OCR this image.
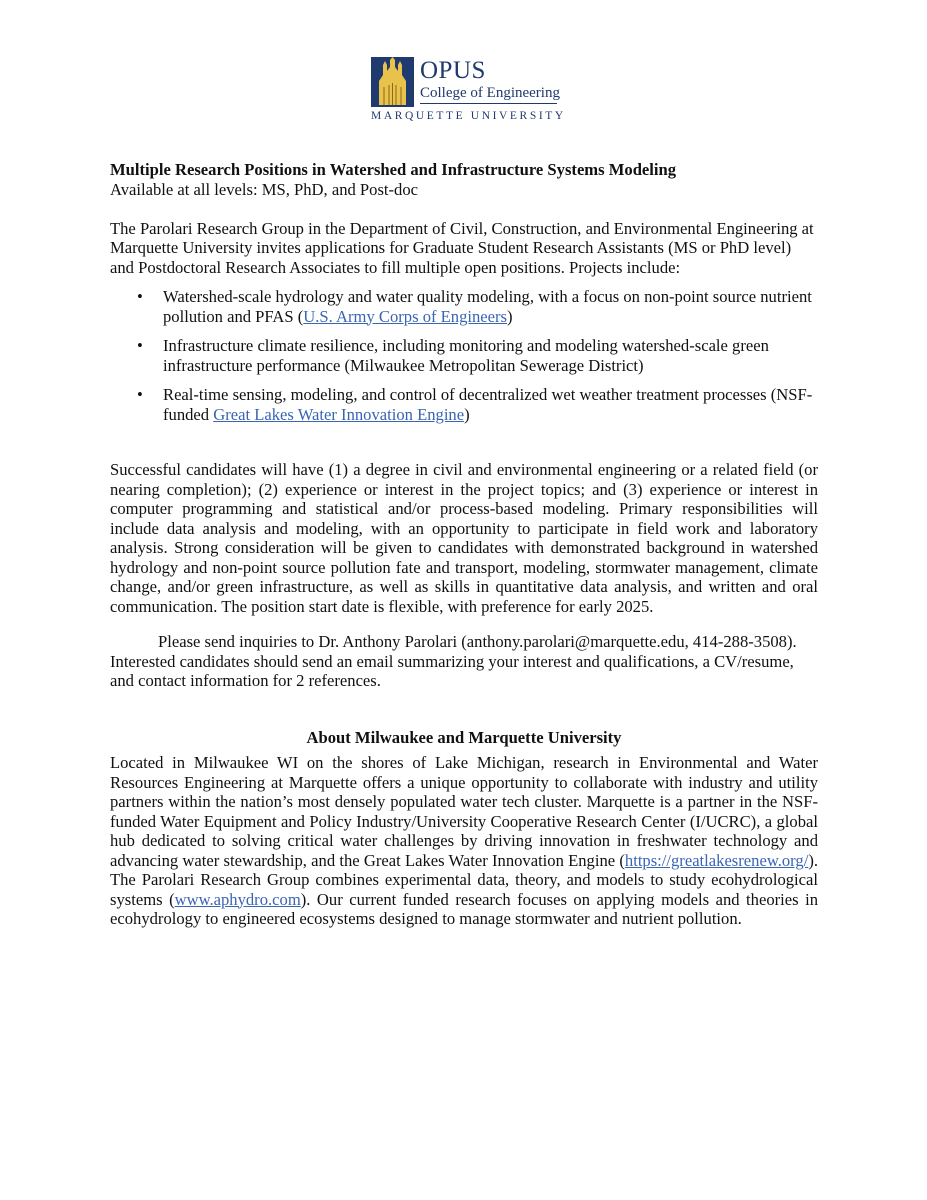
OPUS
College of Engineering
MARQUETTE UNIVERSITY

Multiple Research Positions in Watershed and Infrastructure Systems Modeling

Available at all levels: MS, PhD, and Post-doc

The Parolari Research Group in the Department of Civil, Construction, and Environmental Engineering at Marquette University invites applications for Graduate Student Research Assistants (MS or PhD level) and Postdoctoral Research Associates to fill multiple open positions. Projects include:

• Watershed-scale hydrology and water quality modeling, with a focus on non-point source nutrient pollution and PFAS (U.S. Army Corps of Engineers)
• Infrastructure climate resilience, including monitoring and modeling watershed-scale green infrastructure performance (Milwaukee Metropolitan Sewerage District)
• Real-time sensing, modeling, and control of decentralized wet weather treatment processes (NSF-funded Great Lakes Water Innovation Engine)

Successful candidates will have (1) a degree in civil and environmental engineering or a related field (or nearing completion); (2) experience or interest in the project topics; and (3) experience or interest in computer programming and statistical and/or process-based modeling. Primary responsibilities will include data analysis and modeling, with an opportunity to participate in field work and laboratory analysis. Strong consideration will be given to candidates with demonstrated background in watershed hydrology and non-point source pollution fate and transport, modeling, stormwater management, climate change, and/or green infrastructure, as well as skills in quantitative data analysis, and written and oral communication. The position start date is flexible, with preference for early 2025.

Please send inquiries to Dr. Anthony Parolari (anthony.parolari@marquette.edu, 414-288-3508). Interested candidates should send an email summarizing your interest and qualifications, a CV/resume, and contact information for 2 references.

About Milwaukee and Marquette University

Located in Milwaukee WI on the shores of Lake Michigan, research in Environmental and Water Resources Engineering at Marquette offers a unique opportunity to collaborate with industry and utility partners within the nation’s most densely populated water tech cluster. Marquette is a partner in the NSF-funded Water Equipment and Policy Industry/University Cooperative Research Center (I/UCRC), a global hub dedicated to solving critical water challenges by driving innovation in freshwater technology and advancing water stewardship, and the Great Lakes Water Innovation Engine (https://greatlakesrenew.org/). The Parolari Research Group combines experimental data, theory, and models to study ecohydrological systems (www.aphydro.com). Our current funded research focuses on applying models and theories in ecohydrology to engineered ecosystems designed to manage stormwater and nutrient pollution.
